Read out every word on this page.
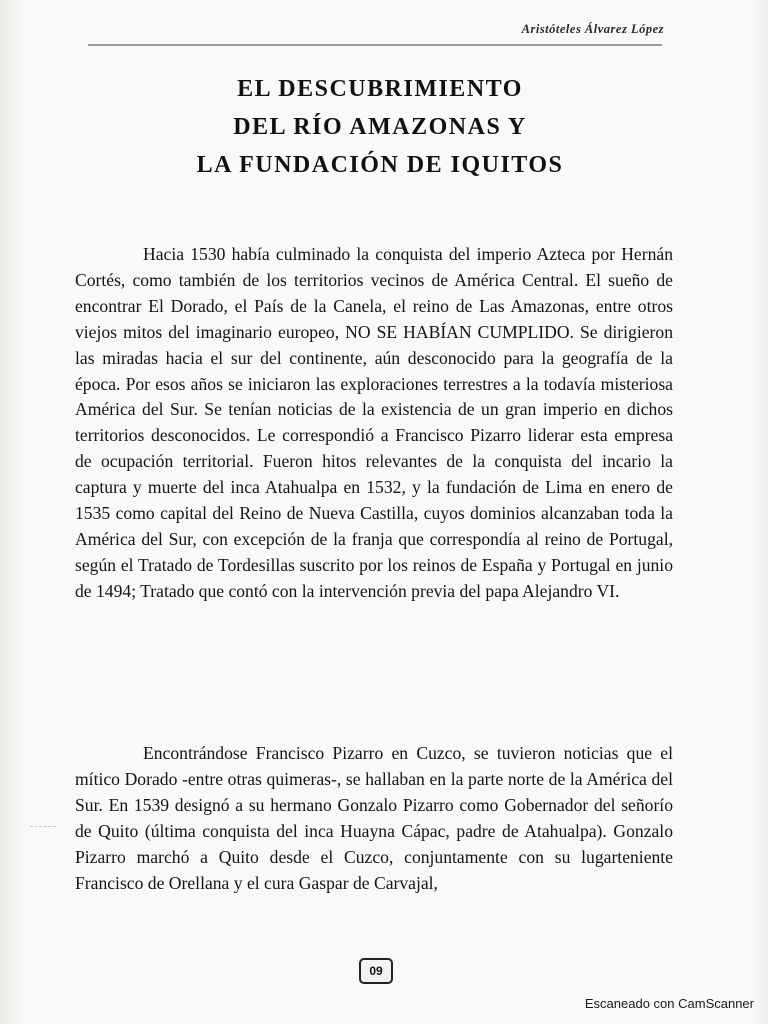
Aristóteles Álvarez López
EL DESCUBRIMIENTO
DEL RÍO AMAZONAS Y
LA FUNDACIÓN DE IQUITOS

Hacia 1530 había culminado la conquista del imperio Azteca por Hernán Cortés, como también de los territorios vecinos de América Central. El sueño de encontrar El Dorado, el País de la Canela, el reino de Las Amazonas, entre otros viejos mitos del imaginario europeo, NO SE HABÍAN CUMPLIDO. Se dirigieron las miradas hacia el sur del continente, aún desconocido para la geografía de la época. Por esos años se iniciaron las exploraciones terrestres a la todavía misteriosa América del Sur. Se tenían noticias de la existencia de un gran imperio en dichos territorios desconocidos. Le correspondió a Francisco Pizarro liderar esta empresa de ocupación territorial. Fueron hitos relevantes de la conquista del incario la captura y muerte del inca Atahualpa en 1532, y la fundación de Lima en enero de 1535 como capital del Reino de Nueva Castilla, cuyos dominios alcanzaban toda la América del Sur, con excepción de la franja que correspondía al reino de Portugal, según el Tratado de Tordesillas suscrito por los reinos de España y Portugal en junio de 1494; Tratado que contó con la intervención previa del papa Alejandro VI.

Encontrándose Francisco Pizarro en Cuzco, se tuvieron noticias que el mítico Dorado -entre otras quimeras-, se hallaban en la parte norte de la América del Sur. En 1539 designó a su hermano Gonzalo Pizarro como Gobernador del señorío de Quito (última conquista del inca Huayna Cápac, padre de Atahualpa). Gonzalo Pizarro marchó a Quito desde el Cuzco, conjuntamente con su lugarteniente Francisco de Orellana y el cura Gaspar de Carvajal,

09
Escaneado con CamScanner
